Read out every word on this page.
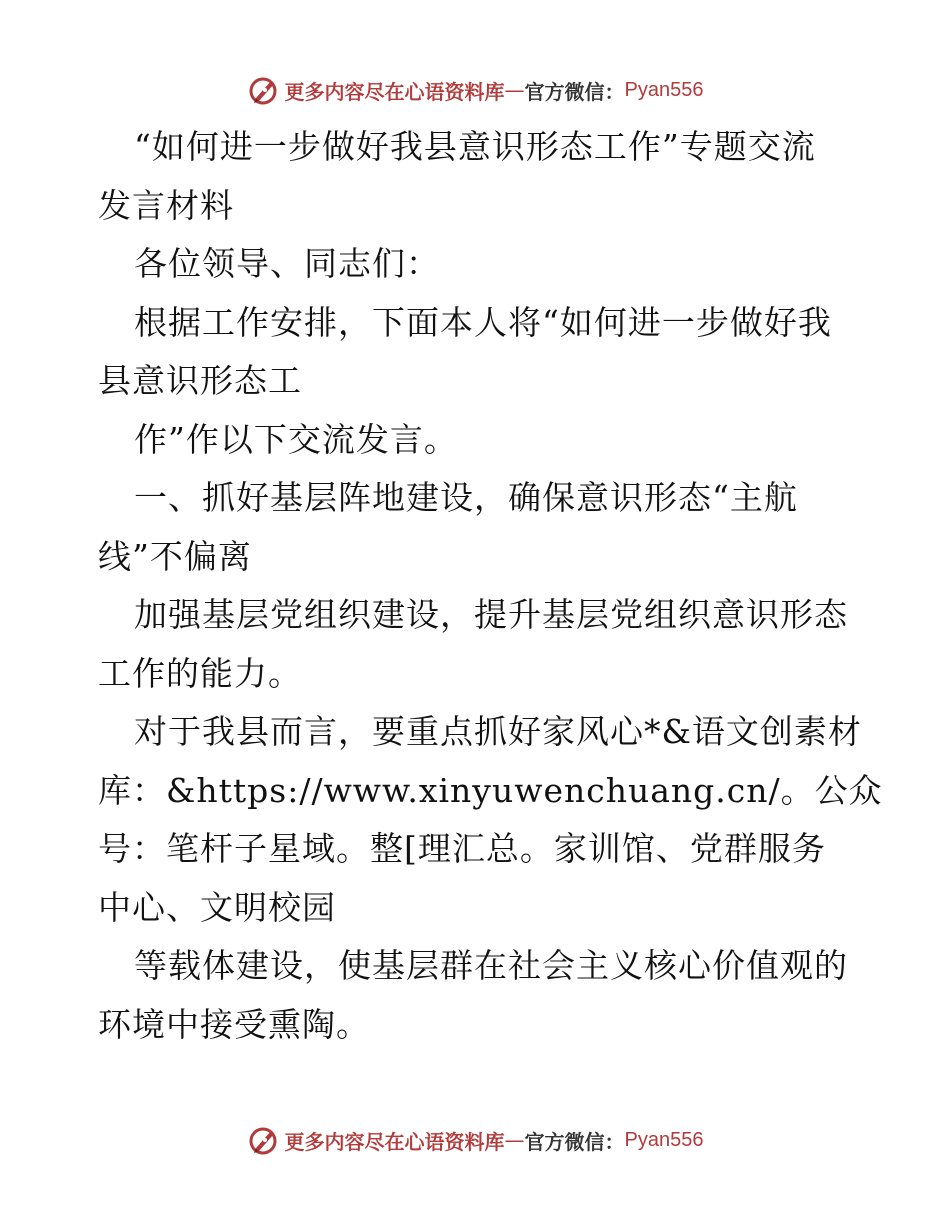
更多内容尽在心语资料库 — 官方微信： Pyan556
“如何进一步做好我县意识形态工作”专题交流
发言材料
各位领导、同志们：
根据工作安排，下面本人将“如何进一步做好我
县意识形态工
作”作以下交流发言。
一、抓好基层阵地建设，确保意识形态“主航
线”不偏离
加强基层党组织建设，提升基层党组织意识形态
工作的能力。
对于我县而言，要重点抓好家风心*&语文创素材
库：&https://www.xinyuwenchuang.cn/。公众
号：笔杆子星域。整[理汇总。家训馆、党群服务
中心、文明校园
等载体建设，使基层群在社会主义核心价值观的
环境中接受熏陶。
更多内容尽在心语资料库 — 官方微信： Pyan556
